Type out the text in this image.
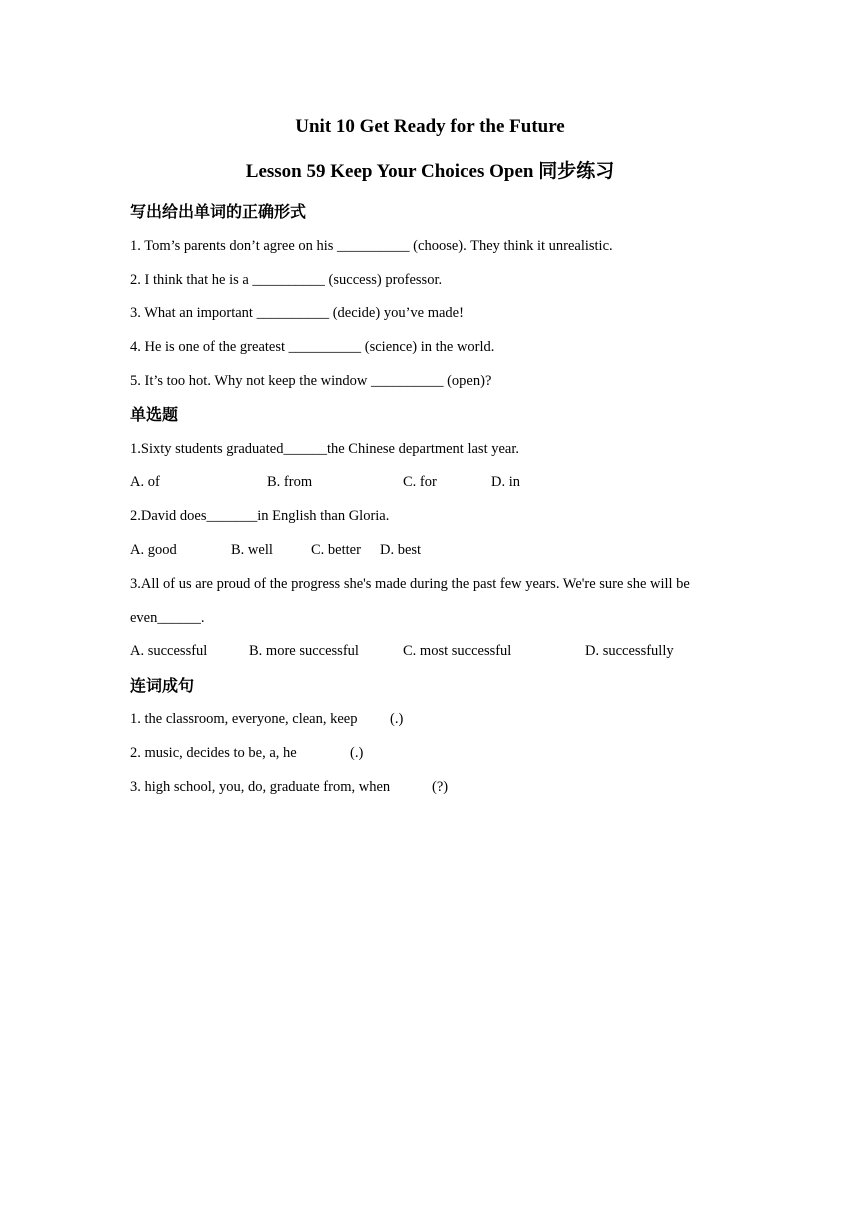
Unit 10 Get Ready for the Future
Lesson 59 Keep Your Choices Open 同步练习
写出给出单词的正确形式
1. Tom’s parents don’t agree on his __________ (choose). They think it unrealistic.
2. I think that he is a __________ (success) professor.
3. What an important __________ (decide) you’ve made!
4. He is one of the greatest __________ (science) in the world.
5. It’s too hot. Why not keep the window __________ (open)?
单选题
1.Sixty students graduated______the Chinese department last year.
A. of	B. from	C. for	D. in
2.David does_______in English than Gloria.
A. good	B. well	C. better D. best
3.All of us are proud of the progress she's made during the past few years. We're sure she will be
even______.
A. successful	B. more successful	C. most successful	D. successfully
连词成句
1. the classroom, everyone, clean, keep (.)
2. music, decides to be, a, he	(.)
3. high school, you, do, graduate from, when	(?)
